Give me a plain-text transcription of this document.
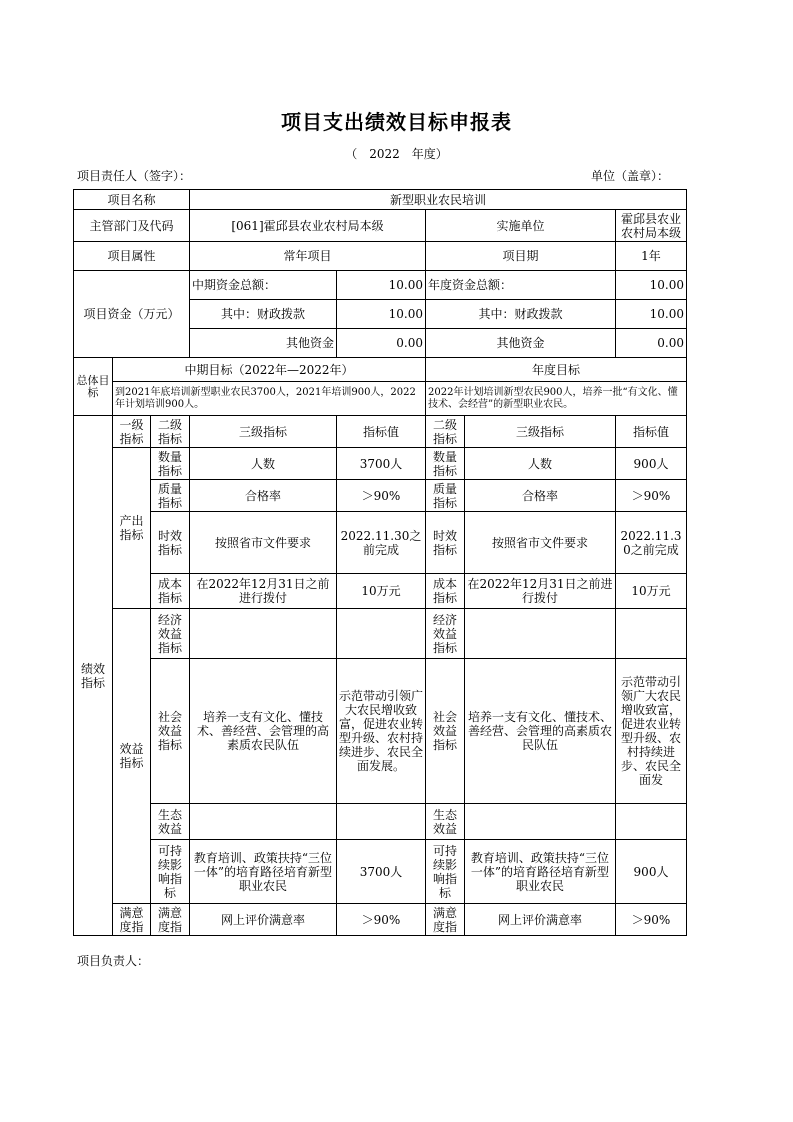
项目支出绩效目标申报表
（　2022　年度）
项目责任人（签字）：	单位（盖章）：
项目名称			新型职业农民培训				
主管部门及代码			[061]霍邱县农业农村局本级		实施单位		霍邱县农业农村局本级
项目属性			常年项目		项目期		1年
项目资金（万元）			中期资金总额：	10.00	年度资金总额：		10.00
			其中：财政拨款	10.00	其中：财政拨款		10.00
			其他资金	0.00	其他资金		0.00
总体目标	中期目标（2022年—2022年）				年度目标		
	到2021年底培训新型职业农民3700人，2021年培训900人，2022年计划培训900人。				2022年计划培训新型农民900人，培养一批“有文化、懂技术、会经营”的新型职业农民。		
绩效指标	一级指标	二级指标	三级指标	指标值	二级指标	三级指标	指标值
	产出指标	数量指标	人数	3700人	数量指标	人数	900人
		质量指标	合格率	＞90%	质量指标	合格率	＞90%
		时效指标	按照省市文件要求	2022.11.30之前完成	时效指标	按照省市文件要求	2022.11.30之前完成
		成本指标	在2022年12月31日之前进行拨付	10万元	成本指标	在2022年12月31日之前进行拨付	10万元
	效益指标	经济效益指标			经济效益指标		
		社会效益指标	培养一支有文化、懂技术、善经营、会管理的高素质农民队伍	示范带动引领广大农民增收致富，促进农业转型升级、农村持续进步、农民全面发展。	社会效益指标	培养一支有文化、懂技术、善经营、会管理的高素质农民队伍	示范带动引领广大农民增收致富，促进农业转型升级、农村持续进步、农民全面发
		生态效益			生态效益		
		可持续影响指标	教育培训、政策扶持“三位一体”的培育路径培育新型职业农民	3700人	可持续影响指标	教育培训、政策扶持“三位一体”的培育路径培育新型职业农民	900人
	满意度指	满意度指	网上评价满意率	＞90%	满意度指	网上评价满意率	＞90%
项目负责人：
